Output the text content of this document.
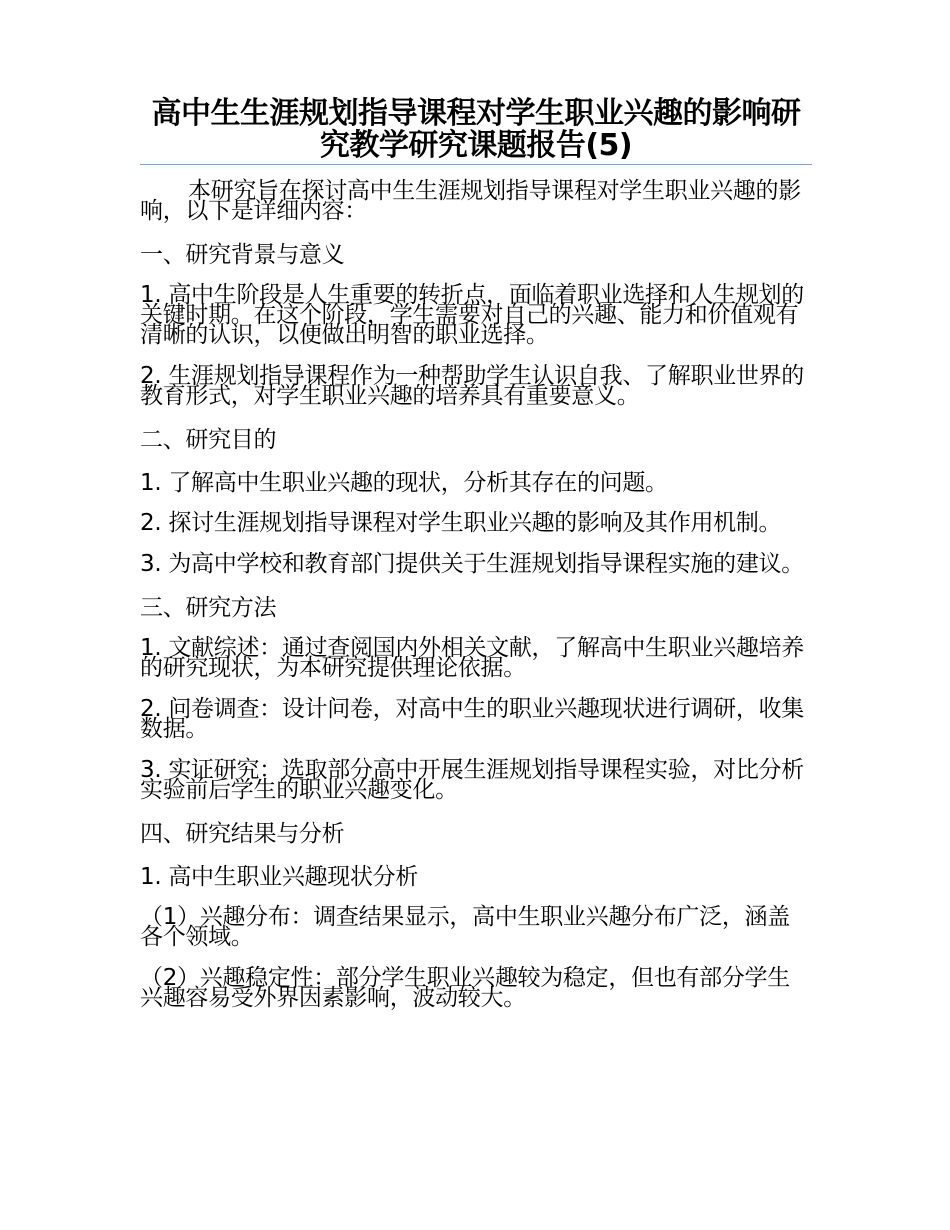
高中生生涯规划指导课程对学生职业兴趣的影响研究教学研究课题报告(5)

本研究旨在探讨高中生生涯规划指导课程对学生职业兴趣的影响，以下是详细内容：

一、研究背景与意义

1. 高中生阶段是人生重要的转折点，面临着职业选择和人生规划的关键时期。在这个阶段，学生需要对自己的兴趣、能力和价值观有清晰的认识，以便做出明智的职业选择。

2. 生涯规划指导课程作为一种帮助学生认识自我、了解职业世界的教育形式，对学生职业兴趣的培养具有重要意义。

二、研究目的

1. 了解高中生职业兴趣的现状，分析其存在的问题。

2. 探讨生涯规划指导课程对学生职业兴趣的影响及其作用机制。

3. 为高中学校和教育部门提供关于生涯规划指导课程实施的建议。

三、研究方法

1. 文献综述：通过查阅国内外相关文献，了解高中生职业兴趣培养的研究现状，为本研究提供理论依据。

2. 问卷调查：设计问卷，对高中生的职业兴趣现状进行调研，收集数据。

3. 实证研究：选取部分高中开展生涯规划指导课程实验，对比分析实验前后学生的职业兴趣变化。

四、研究结果与分析

1. 高中生职业兴趣现状分析

（1）兴趣分布：调查结果显示，高中生职业兴趣分布广泛，涵盖各个领域。

（2）兴趣稳定性：部分学生职业兴趣较为稳定，但也有部分学生兴趣容易受外界因素影响，波动较大。
